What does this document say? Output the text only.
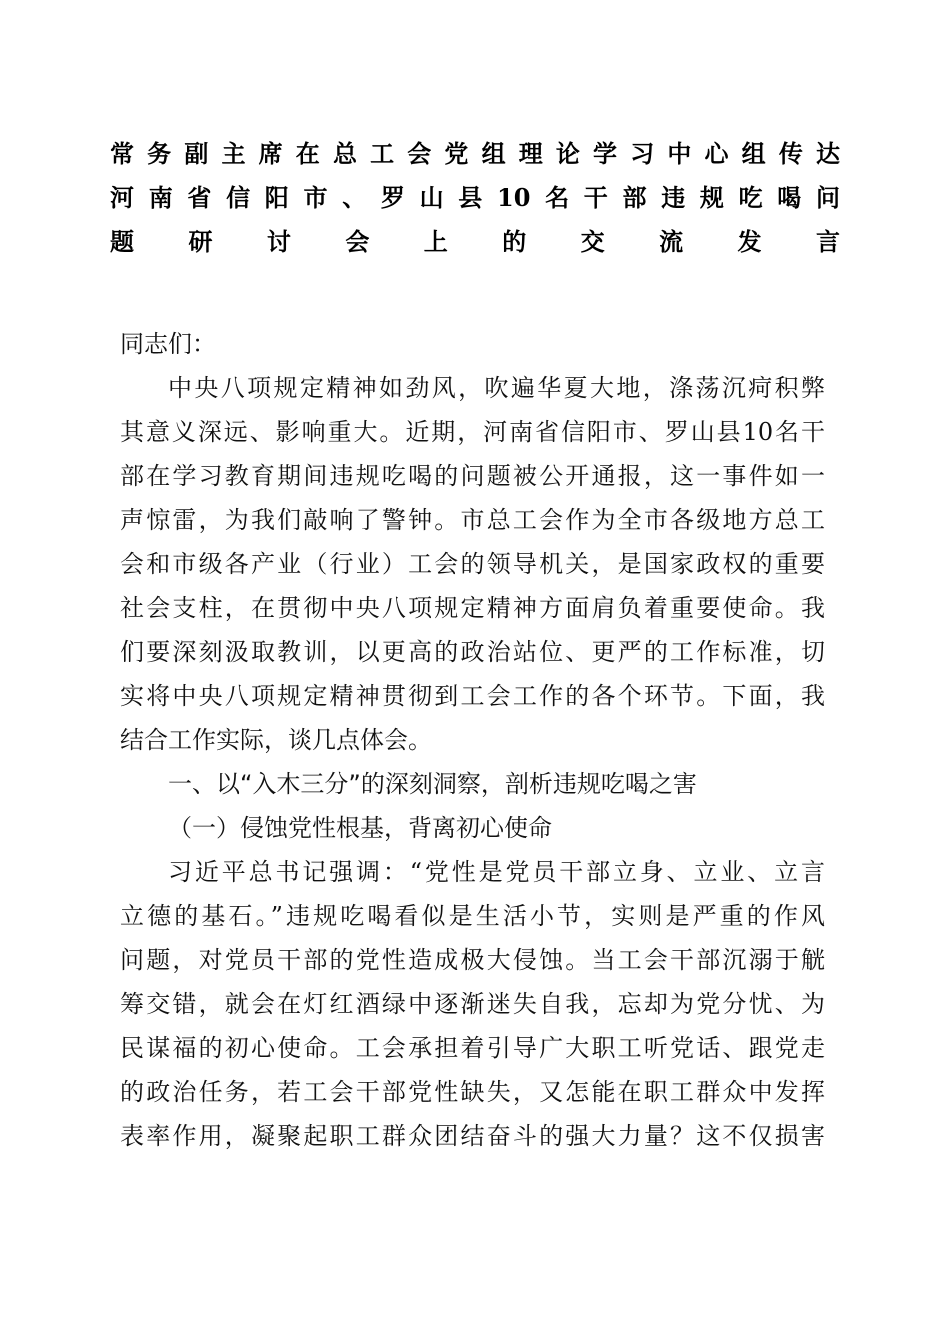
常务副主席在总工会党组理论学习中心组传达
河南省信阳市、罗山县10名干部违规吃喝问
题研讨会上的交流发言
同志们：
中央八项规定精神如劲风，吹遍华夏大地，涤荡沉疴积弊
其意义深远、影响重大。近期，河南省信阳市、罗山县10名干
部在学习教育期间违规吃喝的问题被公开通报，这一事件如一
声惊雷，为我们敲响了警钟。市总工会作为全市各级地方总工
会和市级各产业（行业）工会的领导机关，是国家政权的重要
社会支柱，在贯彻中央八项规定精神方面肩负着重要使命。我
们要深刻汲取教训，以更高的政治站位、更严的工作标准，切
实将中央八项规定精神贯彻到工会工作的各个环节。下面，我
结合工作实际，谈几点体会。
一、以“入木三分”的深刻洞察，剖析违规吃喝之害
（一）侵蚀党性根基，背离初心使命
习近平总书记强调：“党性是党员干部立身、立业、立言
立德的基石。”违规吃喝看似是生活小节，实则是严重的作风
问题，对党员干部的党性造成极大侵蚀。当工会干部沉溺于觥
筹交错，就会在灯红酒绿中逐渐迷失自我，忘却为党分忧、为
民谋福的初心使命。工会承担着引导广大职工听党话、跟党走
的政治任务，若工会干部党性缺失，又怎能在职工群众中发挥
表率作用，凝聚起职工群众团结奋斗的强大力量？这不仅损害
